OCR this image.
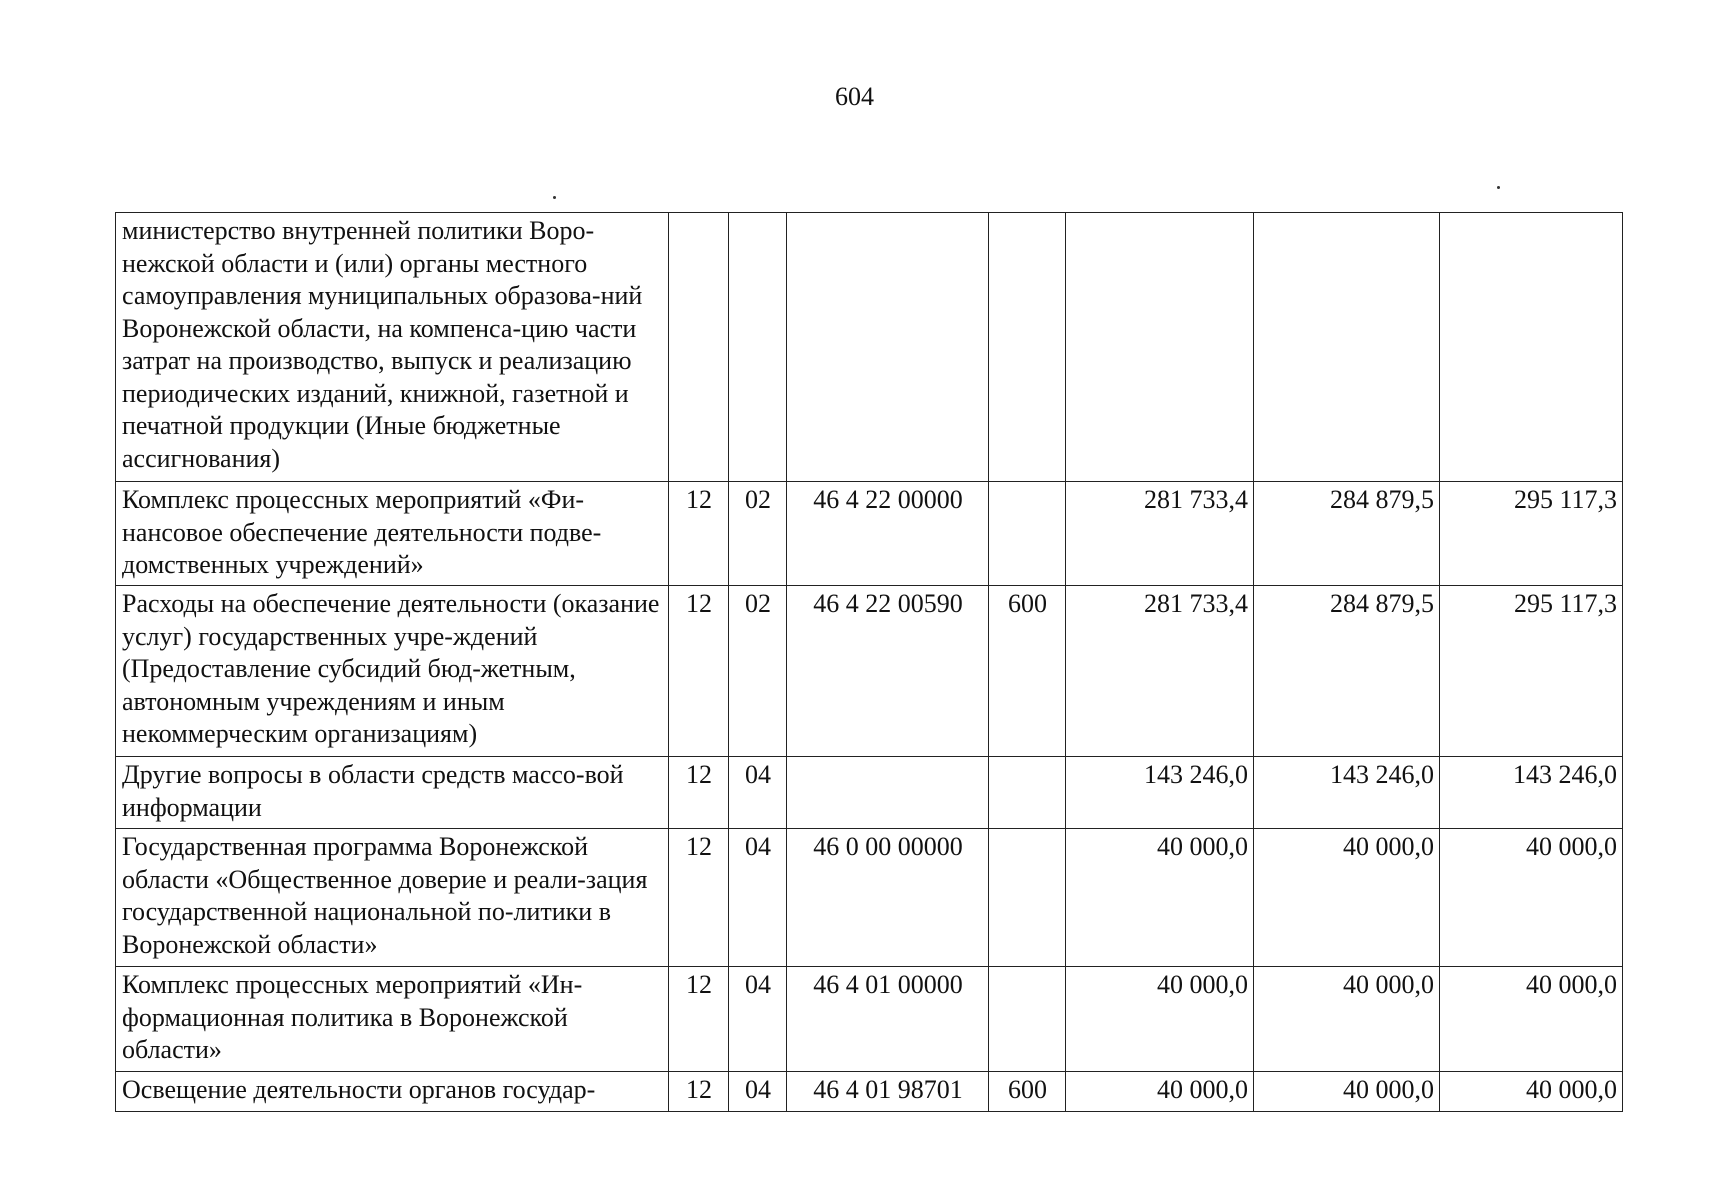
604
министерство внутренней политики Воро-нежской области и (или) органы местного самоуправления муниципальных образова-ний Воронежской области, на компенса-цию части затрат на производство, выпуск и реализацию периодических изданий, книжной, газетной и печатной продукции (Иные бюджетные ассигнования)							
Комплекс процессных мероприятий «Фи-нансовое обеспечение деятельности подве-домственных учреждений»	12	02	46 4 22 00000		281 733,4	284 879,5	295 117,3
Расходы на обеспечение деятельности (оказание услуг) государственных учре-ждений (Предоставление субсидий бюд-жетным, автономным учреждениям и иным некоммерческим организациям)	12	02	46 4 22 00590	600	281 733,4	284 879,5	295 117,3
Другие вопросы в области средств массо-вой информации	12	04			143 246,0	143 246,0	143 246,0
Государственная программа Воронежской области «Общественное доверие и реали-зация государственной национальной по-литики в Воронежской области»	12	04	46 0 00 00000		40 000,0	40 000,0	40 000,0
Комплекс процессных мероприятий «Ин-формационная политика в Воронежской области»	12	04	46 4 01 00000		40 000,0	40 000,0	40 000,0
Освещение деятельности органов государ-	12	04	46 4 01 98701	600	40 000,0	40 000,0	40 000,0
